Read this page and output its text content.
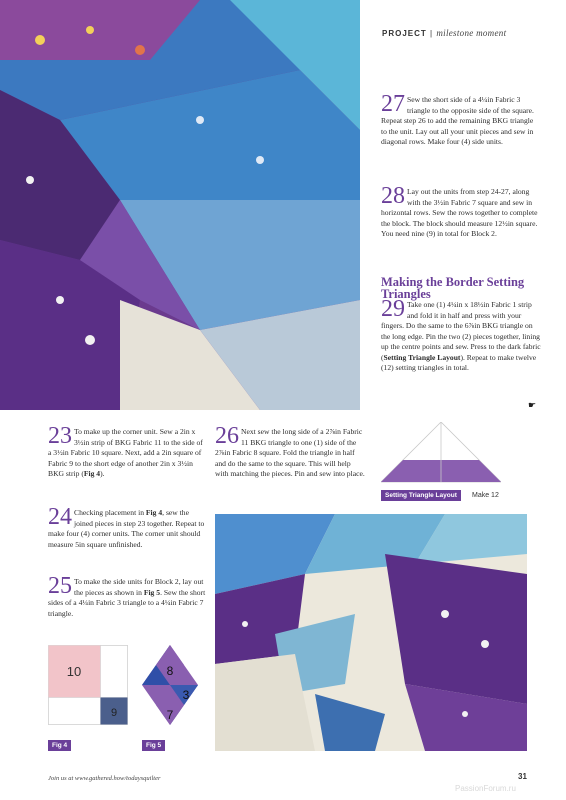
PROJECT | milestone moment
27 Sew the short side of a 4¼in Fabric 3 triangle to the opposite side of the square. Repeat step 26 to add the remaining BKG triangle to the unit. Lay out all your unit pieces and sew in diagonal rows. Make four (4) side units.

28 Lay out the units from step 24-27, along with the 3½in Fabric 7 square and sew in horizontal rows. Sew the rows together to complete the block. The block should measure 12½in square. You need nine (9) in total for Block 2.

Making the Border Setting Triangles
29 Take one (1) 4¼in x 18½in Fabric 1 strip and fold it in half and press with your fingers. Do the same to the 6⅞in BKG triangle on the long edge. Pin the two (2) pieces together, lining up the centre points and sew. Press to the dark fabric (Setting Triangle Layout). Repeat to make twelve (12) setting triangles in total.

☛
Setting Triangle Layout	Make 12
23 To make up the corner unit. Sew a 2in x 3½in strip of BKG Fabric 11 to the side of a 3½in Fabric 10 square. Next, add a 2in square of Fabric 9 to the short edge of another 2in x 3½in BKG strip (Fig 4).

24 Checking placement in Fig 4, sew the joined pieces in step 23 together. Repeat to make four (4) corner units. The corner unit should measure 5in square unfinished.

25 To make the side units for Block 2, lay out the pieces as shown in Fig 5. Sew the short sides of a 4¼in Fabric 3 triangle to a 4¼in Fabric 7 triangle.

26 Next sew the long side of a 2⅞in Fabric 11 BKG triangle to one (1) side of the 2⅞in Fabric 8 square. Fold the triangle in half and do the same to the square. This will help with matching the pieces. Pin and sew into place.

10
9
Fig 4
8
3
7
Fig 5
Join us at www.gathered.how/todaysquilter	31
PassionForum.ru
